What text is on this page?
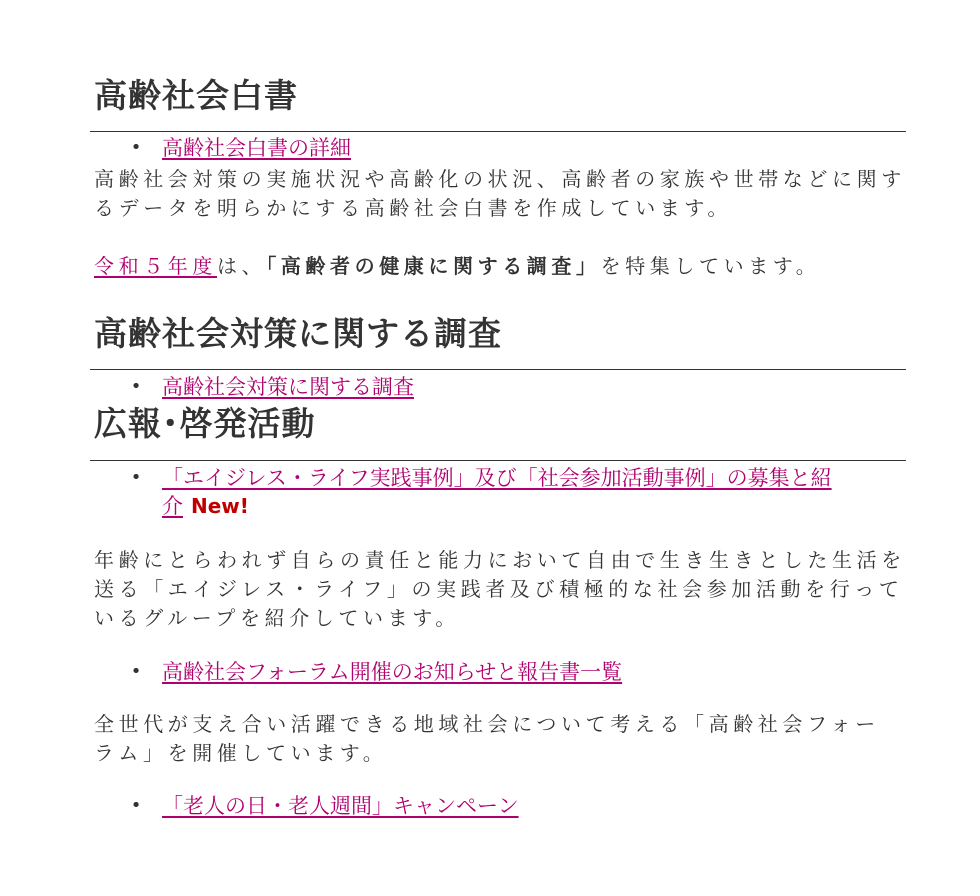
高齢社会白書
• 高齢社会白書の詳細

高齢社会対策の実施状況や高齢化の状況、高齢者の家族や世帯などに関するデータを明らかにする高齢社会白書を作成しています。

令和５年度は、「高齢者の健康に関する調査」を特集しています。

高齢社会対策に関する調査
• 高齢社会対策に関する調査
広報･啓発活動
• 「エイジレス・ライフ実践事例」及び「社会参加活動事例」の募集と紹
介 New!

年齢にとらわれず自らの責任と能力において自由で生き生きとした生活を送る「エイジレス・ライフ」の実践者及び積極的な社会参加活動を行っているグループを紹介しています。

• 高齢社会フォーラム開催のお知らせと報告書一覧

全世代が支え合い活躍できる地域社会について考える「高齢社会フォーラム」を開催しています。

• 「老人の日・老人週間」キャンペーン
